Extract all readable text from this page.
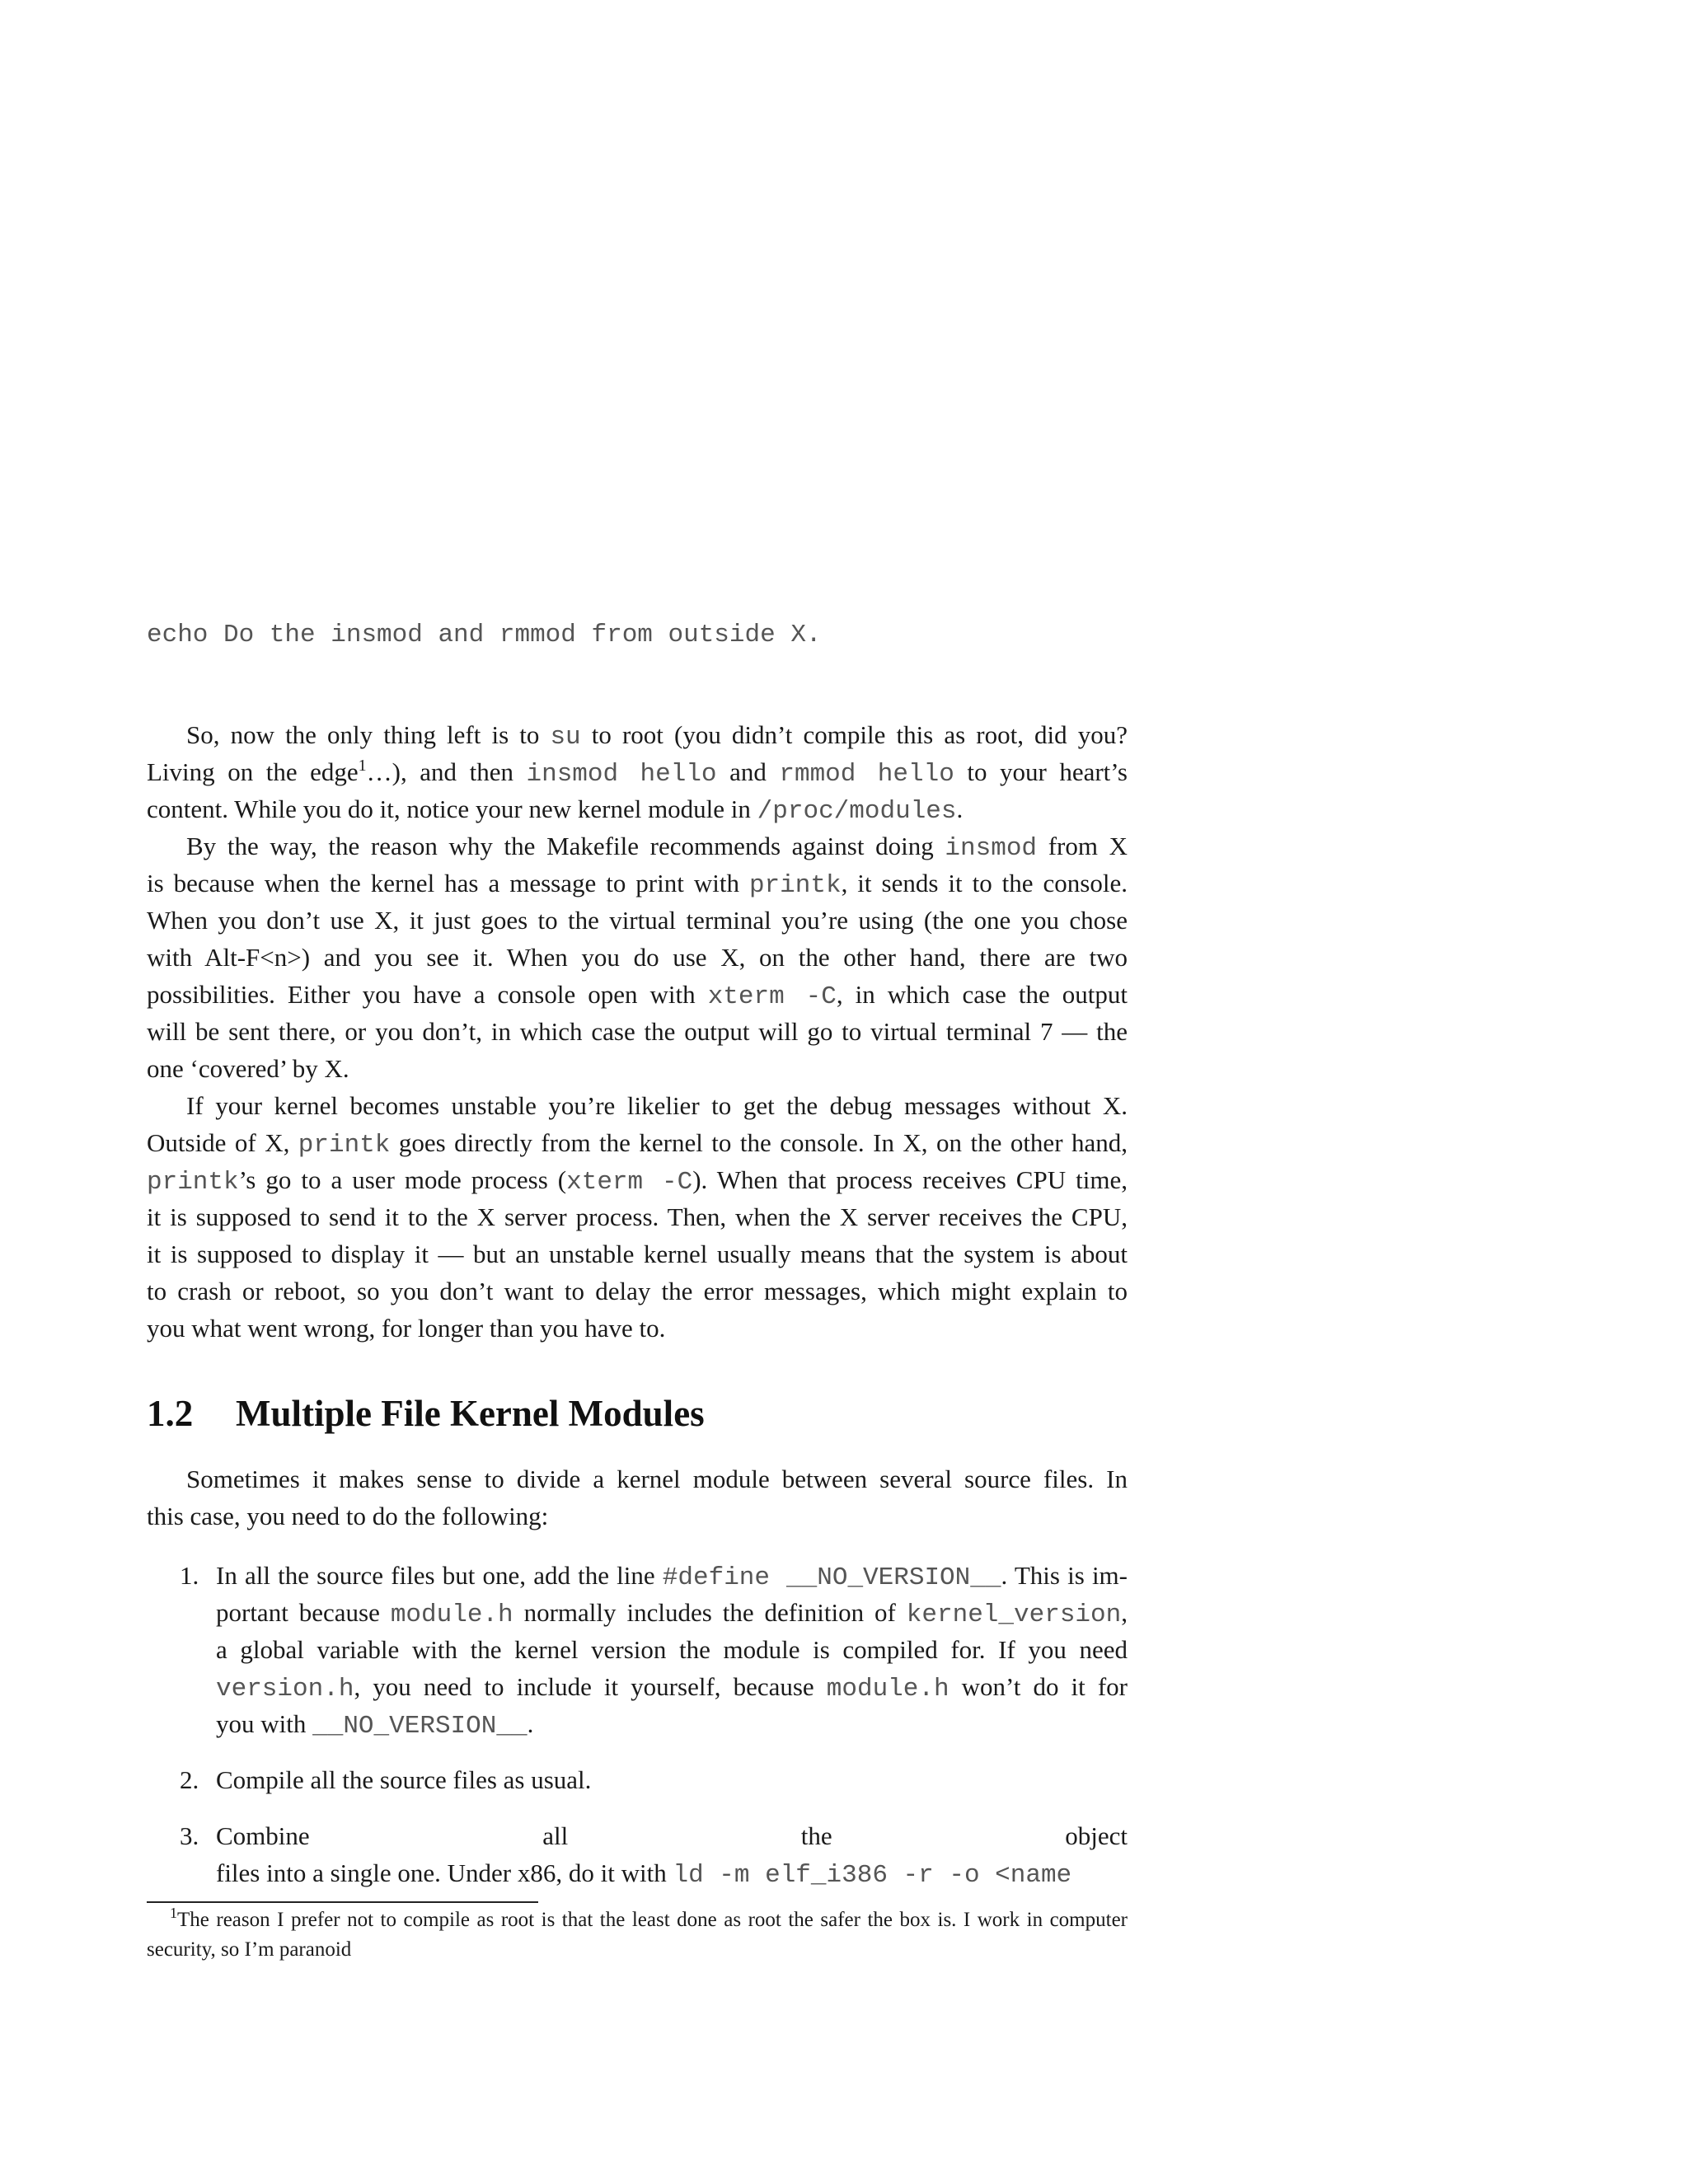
echo Do the insmod and rmmod from outside X.
So, now the only thing left is to su to root (you didn’t compile this as root, did you?
Living on the edge$^1$…), and then insmod hello and rmmod hello to your heart’s
content. While you do it, notice your new kernel module in /proc/modules.
By the way, the reason why the Makefile recommends against doing insmod from X
is because when the kernel has a message to print with printk, it sends it to the console.
When you don’t use X, it just goes to the virtual terminal you’re using (the one you chose
with Alt-F<n>) and you see it. When you do use X, on the other hand, there are two
possibilities. Either you have a console open with xterm -C, in which case the output
will be sent there, or you don’t, in which case the output will go to virtual terminal 7 — the
one ‘covered’ by X.
If your kernel becomes unstable you’re likelier to get the debug messages without X.
Outside of X, printk goes directly from the kernel to the console. In X, on the other hand,
printk’s go to a user mode process (xterm -C). When that process receives CPU time,
it is supposed to send it to the X server process. Then, when the X server receives the CPU,
it is supposed to display it — but an unstable kernel usually means that the system is about
to crash or reboot, so you don’t want to delay the error messages, which might explain to
you what went wrong, for longer than you have to.
1.2 Multiple File Kernel Modules
Sometimes it makes sense to divide a kernel module between several source files. In
this case, you need to do the following:
1. In all the source files but one, add the line #define __NO_VERSION__. This is im-
portant because module.h normally includes the definition of kernel_version,
a global variable with the kernel version the module is compiled for. If you need
version.h, you need to include it yourself, because module.h won’t do it for
you with __NO_VERSION__.
2. Compile all the source files as usual.
3. Combine	all	the	object
files into a single one. Under x86, do it with ld -m elf_i386 -r -o <name
$^1$The reason I prefer not to compile as root is that the least done as root the safer the box is. I work in computer
security, so I’m paranoid
